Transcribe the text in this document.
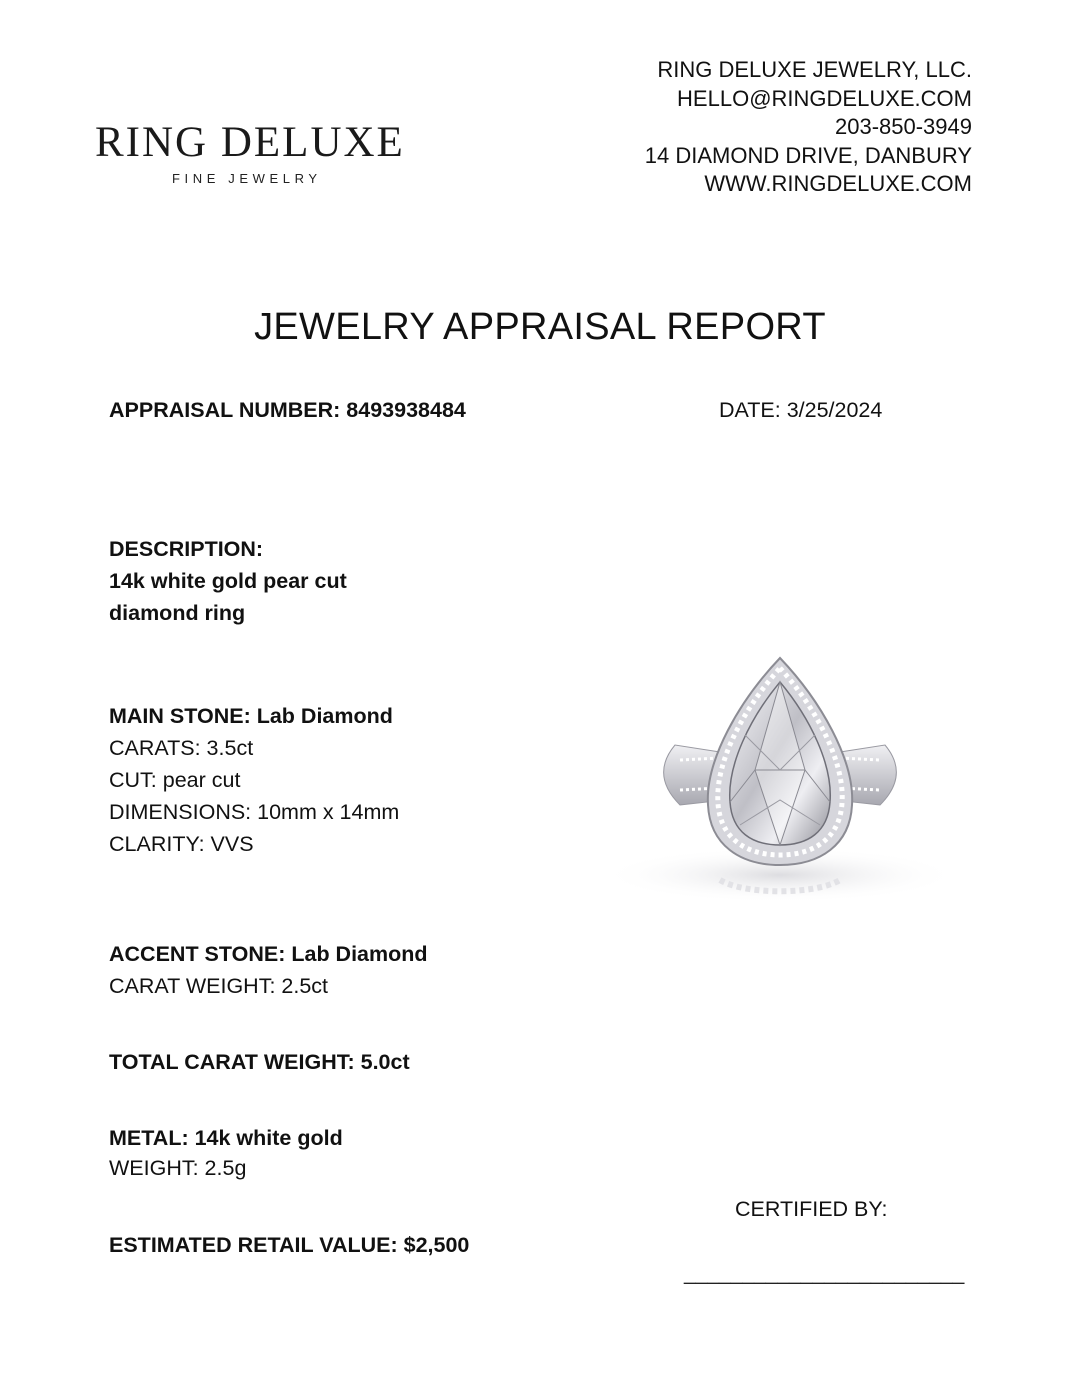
RING DELUXE
FINE JEWELRY
RING DELUXE JEWELRY, LLC.
HELLO@RINGDELUXE.COM
203-850-3949
14 DIAMOND DRIVE, DANBURY
WWW.RINGDELUXE.COM
JEWELRY APPRAISAL REPORT
APPRAISAL NUMBER: 8493938484	DATE: 3/25/2024
DESCRIPTION:
14k white gold pear cut
diamond ring
MAIN STONE: Lab Diamond
CARATS: 3.5ct
CUT: pear cut
DIMENSIONS: 10mm x 14mm
CLARITY: VVS
ACCENT STONE: Lab Diamond
CARAT WEIGHT: 2.5ct
TOTAL CARAT WEIGHT: 5.0ct
METAL: 14k white gold
WEIGHT: 2.5g
CERTIFIED BY:
ESTIMATED RETAIL VALUE: $2,500
________________________
